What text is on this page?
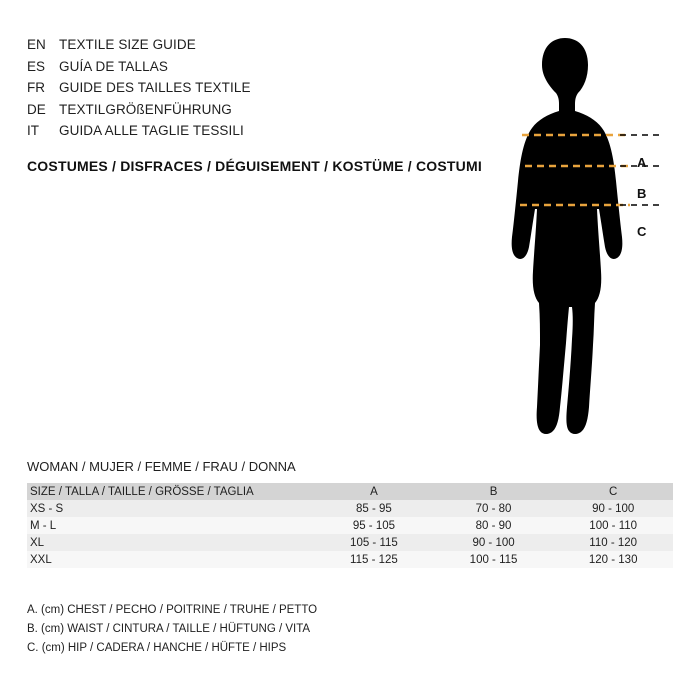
EN TEXTILE SIZE GUIDE
ES	GUÍA DE TALLAS
FR	GUIDE DES TAILLES TEXTILE
DE TEXTILGRÖßENFÜHRUNG
IT	GUIDA ALLE TAGLIE TESSILI
COSTUMES / DISFRACES / DÉGUISEMENT / KOSTÜME / COSTUMI	A
B
C
WOMAN / MUJER / FEMME / FRAU / DONNA
SIZE / TALLA / TAILLE / GRÖSSE / TAGLIA	A	B	C
XS - S	85 - 95	70 - 80	90 - 100
M - L	95 - 105	80 - 90	100 - 110
XL	105 - 115	90 - 100	110 - 120
XXL	115 - 125	100 - 115	120 - 130
A. (cm) CHEST / PECHO / POITRINE / TRUHE / PETTO
B. (cm) WAIST / CINTURA / TAILLE / HÜFTUNG / VITA
C. (cm) HIP / CADERA / HANCHE / HÜFTE / HIPS
